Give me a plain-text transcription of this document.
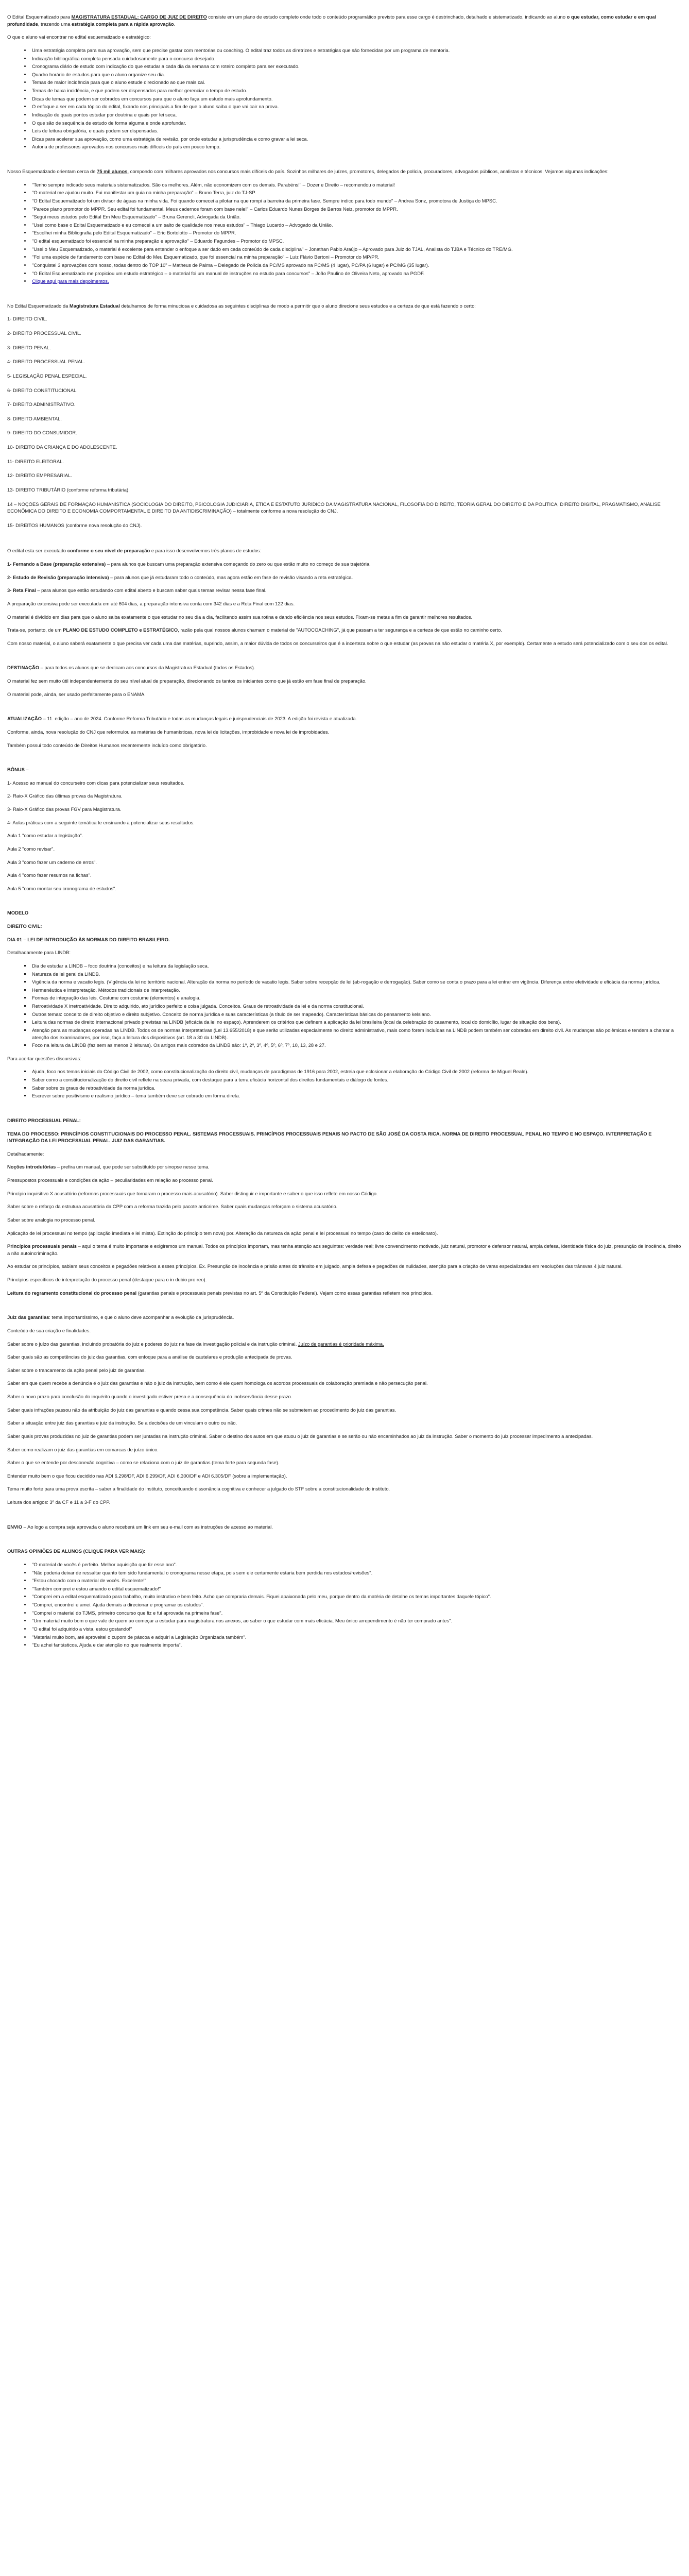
O Edital Esquematizado para MAGISTRATURA ESTADUAL: CARGO DE JUIZ DE DIREITO consiste em um plano de estudo completo onde todo o conteúdo programático previsto para esse cargo é destrinchado, detalhado e sistematizado, indicando ao aluno o que estudar, como estudar e em qual profundidade, trazendo uma estratégia completa para a rápida aprovação.

O que o aluno vai encontrar no edital esquematizado e estratégico:

• Uma estratégia completa para sua aprovação, sem que precise gastar com mentorias ou coaching. O edital traz todos as diretrizes e estratégias que são fornecidas por um programa de mentoria.
• Indicação bibliográfica completa pensada cuidadosamente para o concurso desejado.
• Cronograma diário de estudo com indicação do que estudar a cada dia da semana com roteiro completo para ser executado.
• Quadro horário de estudos para que o aluno organize seu dia.
• Temas de maior incidência para que o aluno estude direcionado ao que mais cai.
• Temas de baixa incidência, e que podem ser dispensados para melhor gerenciar o tempo de estudo.
• Dicas de temas que podem ser cobrados em concursos para que o aluno faça um estudo mais aprofundamento.
• O enfoque a ser em cada tópico do edital, fixando nos principais a fim de que o aluno saiba o que vai cair na prova.
• Indicação de quais pontos estudar por doutrina e quais por lei seca.
• O que são de sequência de estudo de forma alguma e onde aprofundar.
• Leis de leitura obrigatória, e quais podem ser dispensadas.
• Dicas para acelerar sua aprovação, como uma estratégia de revisão, por onde estudar a jurisprudência e como gravar a lei seca.
• Autoria de professores aprovados nos concursos mais difíceis do país em pouco tempo.

Nosso Esquematizado orientam cerca de 75 mil alunos, compondo com milhares aprovados nos concursos mais difíceis do país. Sozinhos milhares de juízes, promotores, delegados de polícia, procuradores, advogados públicos, analistas e técnicos. Vejamos algumas indicações:

• "Tenho sempre indicado seus materiais sistematizados. São os melhores. Além, não economizem com os demais. Parabéns!" – Dozer e Direito – recomendou o material!
• "O material me ajudou muito. Fui manifestar um guia na minha preparação" – Bruno Terra, juiz do TJ-SP.
• "O Edital Esquematizado foi um divisor de águas na minha vida. Foi quando comecei a pilotar na que rompi a barreira da primeira fase. Sempre indico para todo mundo" – Andrea Sonz, promotora de Justiça do MPSC.
• "Parece plano promotor do MPPR. Seu edital foi fundamental. Meus cadernos foram com base nele!" – Carlos Eduardo Nunes Borges de Barros Neiz, promotor do MPPR.
• "Segui meus estudos pelo Edital Em Meu Esquematizado" – Bruna Gerencli, Advogada da União.
• "Usei como base o Edital Esquematizado e eu comecei a um salto de qualidade nos meus estudos" – Thiago Lucardo – Advogado da União.
• "Escolhei minha Bibliografia pelo Edital Esquematizado" – Eric Bortolotto – Promotor do MPPR.
• "O edital esquematizado foi essencial na minha preparação e aprovação" – Eduardo Fagundes – Promotor do MPSC.
• "Usei o Meu Esquematizado, o material é excelente para entender o enfoque a ser dado em cada conteúdo de cada disciplina" – Jonathan Pablo Araújo – Aprovado para Juiz do TJAL, Analista do TJBA e Técnico do TRE/MG.
• "Foi uma espécie de fundamento com base no Edital do Meu Esquematizado, que foi essencial na minha preparação" – Luiz Flávio Bertoni – Promotor do MP/PR.
• "Conquistei 3 aprovações com nosso, todas dentro do TOP 10" – Matheus de Palma – Delegado de Polícia da PC/MS aprovado na PC/MS (4 lugar), PC/PA (6 lugar) e PC/MG (35 lugar).
• "O Edital Esquematizado me propiciou um estudo estratégico – o material foi um manual de instruções no estudo para concursos" – João Paulino de Oliveira Neto, aprovado na PGDF.
• Clique aqui para mais depoimentos.

No Edital Esquematizado da Magistratura Estadual detalhamos de forma minuciosa e cuidadosa as seguintes disciplinas de modo a permitir que o aluno direcione seus estudos e a certeza de que está fazendo o certo:

1- DIREITO CIVIL.

2- DIREITO PROCESSUAL CIVIL.

3- DIREITO PENAL.

4- DIREITO PROCESSUAL PENAL.

5- LEGISLAÇÃO PENAL ESPECIAL.

6- DIREITO CONSTITUCIONAL.

7- DIREITO ADMINISTRATIVO.

8- DIREITO AMBIENTAL.

9- DIREITO DO CONSUMIDOR.

10- DIREITO DA CRIANÇA E DO ADOLESCENTE.

11- DIREITO ELEITORAL.

12- DIREITO EMPRESARIAL.

13- DIREITO TRIBUTÁRIO (conforme reforma tributária).

14 – NOÇÕES GERAIS DE FORMAÇÃO HUMANÍSTICA (SOCIOLOGIA DO DIREITO, PSICOLOGIA JUDICIÁRIA, ÉTICA E ESTATUTO JURÍDICO DA MAGISTRATURA NACIONAL, FILOSOFIA DO DIREITO, TEORIA GERAL DO DIREITO E DA POLÍTICA, DIREITO DIGITAL, PRAGMATISMO, ANÁLISE ECONÔMICA DO DIREITO E ECONOMIA COMPORTAMENTAL E DIREITO DA ANTIDISCRIMINAÇÃO) – totalmente conforme a nova resolução do CNJ.

15- DIREITOS HUMANOS (conforme nova resolução do CNJ).

O edital esta ser executado conforme o seu nível de preparação e para isso desenvolvemos três planos de estudos:

1- Fernando a Base (preparação extensiva) – para alunos que buscam uma preparação extensiva começando do zero ou que estão muito no começo de sua trajetória.

2- Estudo de Revisão (preparação intensiva) – para alunos que já estudaram todo o conteúdo, mas agora estão em fase de revisão visando a reta estratégica.

3- Reta Final – para alunos que estão estudando com edital aberto e buscam saber quais temas revisar nessa fase final.

A preparação extensiva pode ser executada em até 604 dias, a preparação intensiva conta com 342 dias e a Reta Final com 122 dias.

O material é dividido em dias para que o aluno saiba exatamente o que estudar no seu dia a dia, facilitando assim sua rotina e dando eficiência nos seus estudos. Fixam-se metas a fim de garantir melhores resultados.

Trata-se, portanto, de um PLANO DE ESTUDO COMPLETO e ESTRATÉGICO, razão pela qual nossos alunos chamam o material de "AUTOCOACHING", já que passam a ter segurança e a certeza de que estão no caminho certo.

Com nosso material, o aluno saberá exatamente o que precisa ver cada uma das matérias, suprindo, assim, a maior dúvida de todos os concurseiros que é a incerteza sobre o que estudar (as provas na não estudar o matéria X, por exemplo). Certamente a estudo será potencializado com o seu dos os edital.

DESTINAÇÃO – para todos os alunos que se dedicam aos concursos da Magistratura Estadual (todos os Estados).

O material fez sem muito útil independentemente do seu nível atual de preparação, direcionando os tantos os iniciantes como que já estão em fase final de preparação.

O material pode, ainda, ser usado perfeitamente para o ENAMA.

ATUALIZAÇÃO – 11. edição – ano de 2024. Conforme Reforma Tributária e todas as mudanças legais e jurisprudenciais de 2023. A edição foi revista e atualizada.

Conforme, ainda, nova resolução do CNJ que reformulou as matérias de humanísticas, nova lei de licitações, improbidade e nova lei de improbidades.

Também possui todo conteúdo de Direitos Humanos recentemente incluído como obrigatório.

BÔNUS –

1- Acesso ao manual do concurseiro com dicas para potencializar seus resultados.

2- Raio-X Gráfico das últimas provas da Magistratura.

3- Raio-X Gráfico das provas FGV para Magistratura.

4- Aulas práticas com a seguinte temática te ensinando a potencializar seus resultados:

Aula 1 "como estudar a legislação".

Aula 2 "como revisar".

Aula 3 "como fazer um caderno de erros".

Aula 4 "como fazer resumos na fichas".

Aula 5 "como montar seu cronograma de estudos".

MODELO

DIREITO CIVIL:

DIA 01 – LEI DE INTRODUÇÃO ÀS NORMAS DO DIREITO BRASILEIRO.

Detalhadamente para LINDB:

▪ Dia de estudar a LINDB – foco doutrina (conceitos) e na leitura da legislação seca.
▪ Natureza de lei geral da LINDB.
▪ Vigência da norma e vacatio legis. (Vigência da lei no território nacional. Alteração da norma no período de vacatio legis. Saber sobre recepção de lei (ab-rogação e derrogação). Saber como se conta o prazo para a lei entrar em vigência. Diferença entre efetividade e eficácia da norma jurídica.
▪ Hermenêutica e interpretação. Métodos tradicionais de interpretação.
▪ Formas de integração das leis. Costume com costume (elementos) e analogia.
▪ Retroatividade X irretroatividade. Direito adquirido, ato jurídico perfeito e coisa julgada. Conceitos. Graus de retroatividade da lei e da norma constitucional.
▪ Outros temas: conceito de direito objetivo e direito subjetivo. Conceito de norma jurídica e suas características (a título de ser mapeado). Características básicas do pensamento kelsiano.
▪ Leitura das normas de direito internacional privado previstas na LINDB (eficácia da lei no espaço). Aprenderem os critérios que definem a aplicação da lei brasileira (local da celebração do casamento, local do domicílio, lugar de situação dos bens).
▪ Atenção para as mudanças operadas na LINDB. Todos os de normas interpretativas (Lei 13.655/2018) e que serão utilizadas especialmente no direito administrativo, mais como forem incluídas na LINDB podem também ser cobradas em direito civil. As mudanças são polêmicas e tendem a chamar a atenção dos examinadores, por isso, faça a leitura dos dispositivos (art. 18 a 30 da LINDB).
▪ Foco na leitura da LINDB (faz sem as menos 2 leituras). Os artigos mais cobrados da LINDB são: 1º, 2º, 3º, 4º, 5º, 6º, 7º, 10, 13, 28 e 27.

Para acertar questões discursivas:

▪ Ajuda, foco nos temas iniciais do Código Civil de 2002, como constitucionalização do direito civil, mudanças de paradigmas de 1916 para 2002, estreia que eclosionar a elaboração do Código Civil de 2002 (reforma de Miguel Reale).
▪ Saber como a constitucionalização do direito civil reflete na seara privada, com destaque para a terra eficácia horizontal dos direitos fundamentais e diálogo de fontes.
▪ Saber sobre os graus de retroatividade da norma jurídica.
▪ Escrever sobre positivismo e realismo jurídico – tema também deve ser cobrado em forma direta.

DIREITO PROCESSUAL PENAL:

TEMA DO PROCESSO: PRINCÍPIOS CONSTITUCIONAIS DO PROCESSO PENAL. SISTEMAS PROCESSUAIS. PRINCÍPIOS PROCESSUAIS PENAIS NO PACTO DE SÃO JOSÉ DA COSTA RICA. NORMA DE DIREITO PROCESSUAL PENAL NO TEMPO E NO ESPAÇO. INTERPRETAÇÃO E INTEGRAÇÃO DA LEI PROCESSUAL PENAL. JUIZ DAS GARANTIAS.

Detalhadamente:

Noções introdutórias – prefira um manual, que pode ser substituído por sinopse nesse tema.

Pressupostos processuais e condições da ação – peculiaridades em relação ao processo penal.

Princípio inquisitivo X acusatório (reformas processuais que tornaram o processo mais acusatório). Saber distinguir e importante e saber o que isso reflete em nosso Código.

Saber sobre o reforço da estrutura acusatória da CPP com a reforma trazida pelo pacote anticrime. Saber quais mudanças reforçam o sistema acusatório.

Saber sobre analogia no processo penal.

Aplicação de lei processual no tempo (aplicação imediata e lei mista). Extinção do princípio tem nova) por. Alteração da natureza da ação penal e lei processual no tempo (caso do delito de estelionato).

Princípios processuais penais – aqui o tema é muito importante e exigiremos um manual. Todos os princípios importam, mas tenha atenção aos seguintes: verdade real; livre convencimento motivado, juiz natural, promotor e defensor natural, ampla defesa, identidade física do juiz, presunção de inocência, direito a não autoincriminação.

Ao estudar os princípios, sabiam seus conceitos e pegadões relativos a esses princípios. Ex. Presunção de inocência e prisão antes do trânsito em julgado, ampla defesa e pegadões de nulidades, atenção para a criação de varas especializadas em resoluções das trânsvas 4 juiz natural.

Princípios específicos de interpretação do processo penal (destaque para o in dubio pro reo).

Leitura do regramento constitucional do processo penal (garantias penais e processuais penais previstas no art. 5º da Constituição Federal). Vejam como essas garantias refletem nos princípios.

Juiz das garantias: tema importantíssimo, e que o aluno deve acompanhar a evolução da jurisprudência.

Conteúdo de sua criação e finalidades.

Saber sobre o juízo das garantias, incluindo probatória do juiz e poderes do juiz na fase da investigação policial e da instrução criminal. Juízo de garantias é prioridade máxima.

Saber quais são as competências do juiz das garantias, com enfoque para a análise de cautelares e produção antecipada de provas.

Saber sobre o trancamento da ação penal pelo juiz de garantias.

Saber em que quem recebe a denúncia é o juiz das garantias e não o juiz da instrução, bem como é ele quem homologa os acordos processuais de colaboração premiada e não persecução penal.

Saber o novo prazo para conclusão do inquérito quando o investigado estiver preso e a consequência do inobservância desse prazo.

Saber quais infrações passou não da atribuição do juiz das garantias e quando cessa sua competência. Saber quais crimes não se submetem ao procedimento do juiz das garantias.

Saber a situação entre juiz das garantias e juiz da instrução. Se a decisões de um vinculam o outro ou não.

Saber quais provas produzidas no juiz de garantias podem ser juntadas na instrução criminal. Saber o destino dos autos em que atuou o juiz de garantias e se serão ou não encaminhados ao juiz da instrução. Saber o momento do juiz processar impedimento a antecipadas.

Saber como realizam o juiz das garantias em comarcas de juízo único.

Saber o que se entende por desconexão cognitiva – como se relaciona com o juiz de garantias (tema forte para segunda fase).

Entender muito bem o que ficou decidido nas ADI 6.298/DF, ADI 6.299/DF, ADI 6.300/DF e ADI 6.305/DF (sobre a implementação).

Tema muito forte para uma prova escrita – saber a finalidade do instituto, conceituando dissonância cognitiva e conhecer a julgado do STF sobre a constitucionalidade do instituto.

Leitura dos artigos: 3º da CF e 11 a 3-F do CPP.

ENVIO – Ao logo a compra seja aprovada o aluno receberá um link em seu e-mail com as instruções de acesso ao material.

OUTRAS OPINIÕES DE ALUNOS (CLIQUE PARA VER MAIS):

• "O material de vocês é perfeito. Melhor aquisição que fiz esse ano".
• "Não poderia deixar de ressaltar quanto tem sido fundamental o cronograma nesse etapa, pois sem ele certamente estaria bem perdida nos estudos/revisões".
• "Estou chocado com o material de vocês. Excelente!"
• "Também comprei e estou amando o edital esquematizado!"
• "Comprei em a edital esquematizado para trabalho, muito instrutivo e bem feito. Acho que compraria demais. Fiquei apaixonada pelo meu, porque dentro da matéria de detalhe os temas importantes daquele tópico".
• "Comprei, encontrei e amei. Ajuda demais a direcionar e programar os estudos".
• "Comprei o material do TJMS, primeiro concurso que fiz e fui aprovada na primeira fase".
• "Um material muito bom o que vale de quem ao começar a estudar para magistratura nos anexos, ao saber o que estudar com mais eficácia. Meu único arrependimento é não ter comprado antes".
• "O edital foi adquirido a vista, estou gostando!"
• "Material muito bom, até aproveitei o cupom de páscoa e adquiri a Legislação Organizada também".
• "Eu achei fantásticos. Ajuda e dar atenção no que realmente importa".
